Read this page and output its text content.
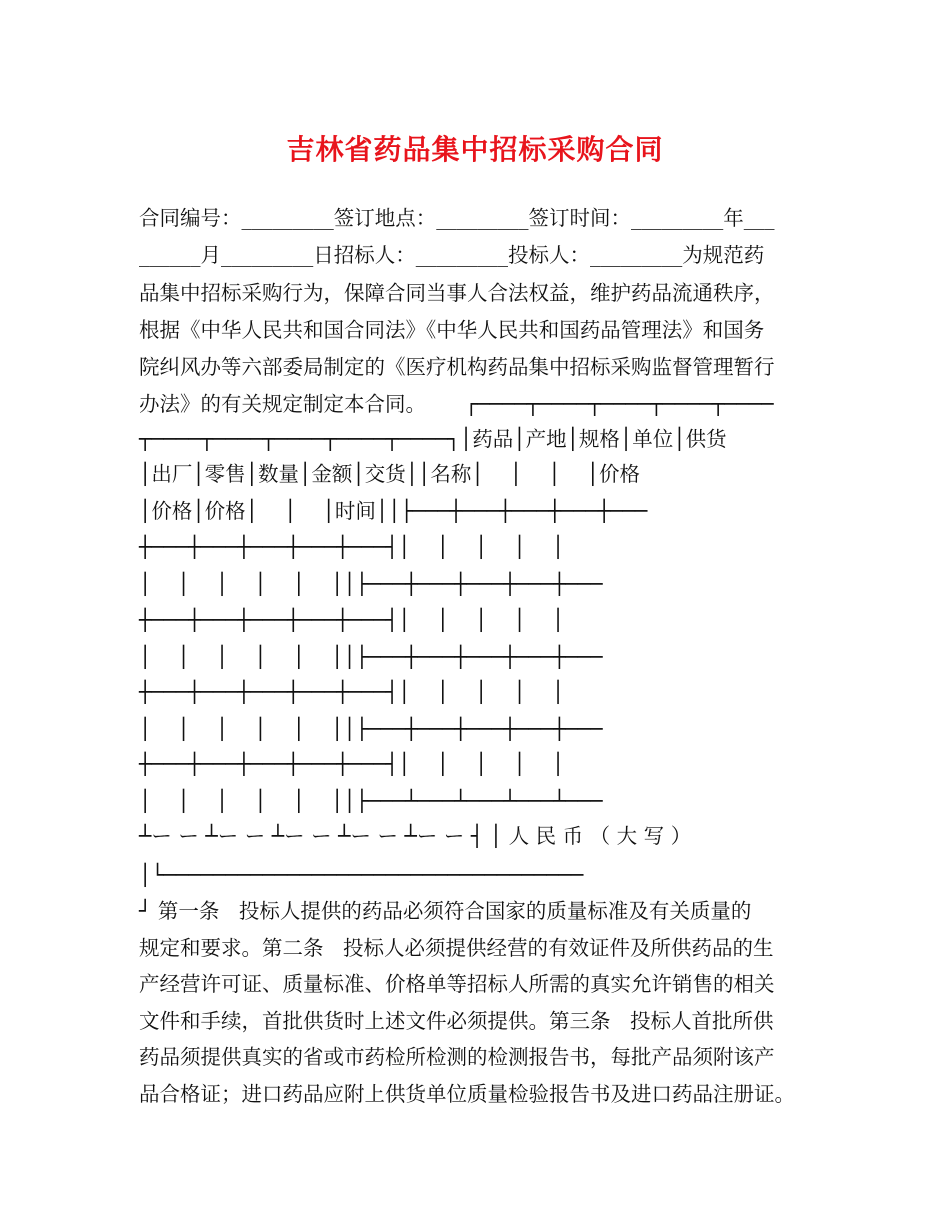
吉林省药品集中招标采购合同
合同编号：_________签订地点：_________签订时间：_________年___
______月_________日招标人：_________投标人：_________为规范药
品集中招标采购行为，保障合同当事人合法权益，维护药品流通秩序，
根据《中华人民共和国合同法》《中华人民共和国药品管理法》和国务
院纠风办等六部委局制定的《医疗机构药品集中招标采购监督管理暂行
办法》的有关规定制定本合同。      ┌────┬────┬────┬────┬────
┬────┬────┬────┬────┬────┐│药品│产地│规格│单位│供货
│出厂│零售│数量│金额│交货││名称│    │    │    │价格
│价格│价格│    │    │时间││├───┼───┼───┼───┼───
┼───┼───┼───┼───┼───┤│    │    │    │    │
│    │    │    │    │    ││├───┼───┼───┼───┼───
┼───┼───┼───┼───┼───┤│    │    │    │    │
│    │    │    │    │    ││├───┼───┼───┼───┼───
┼───┼───┼───┼───┼───┤│    │    │    │    │
│    │    │    │    │    ││├───┼───┼───┼───┼───
┼───┼───┼───┼───┼───┤│    │    │    │    │
│    │    │    │    │    ││├───┴───┴───┴───┴───
┴ー ー ┴ー ー ┴ー ー ┴ー ー ┴ー ー ┤ │ 人 民 币 （ 大 写 ）
│└──────────────────────────────────
┘ 第一条   投标人提供的药品必须符合国家的质量标准及有关质量的
规定和要求。第二条   投标人必须提供经营的有效证件及所供药品的生
产经营许可证、质量标准、价格单等招标人所需的真实允许销售的相关
文件和手续，首批供货时上述文件必须提供。第三条   投标人首批所供
药品须提供真实的省或市药检所检测的检测报告书，每批产品须附该产
品合格证；进口药品应附上供货单位质量检验报告书及进口药品注册证。
